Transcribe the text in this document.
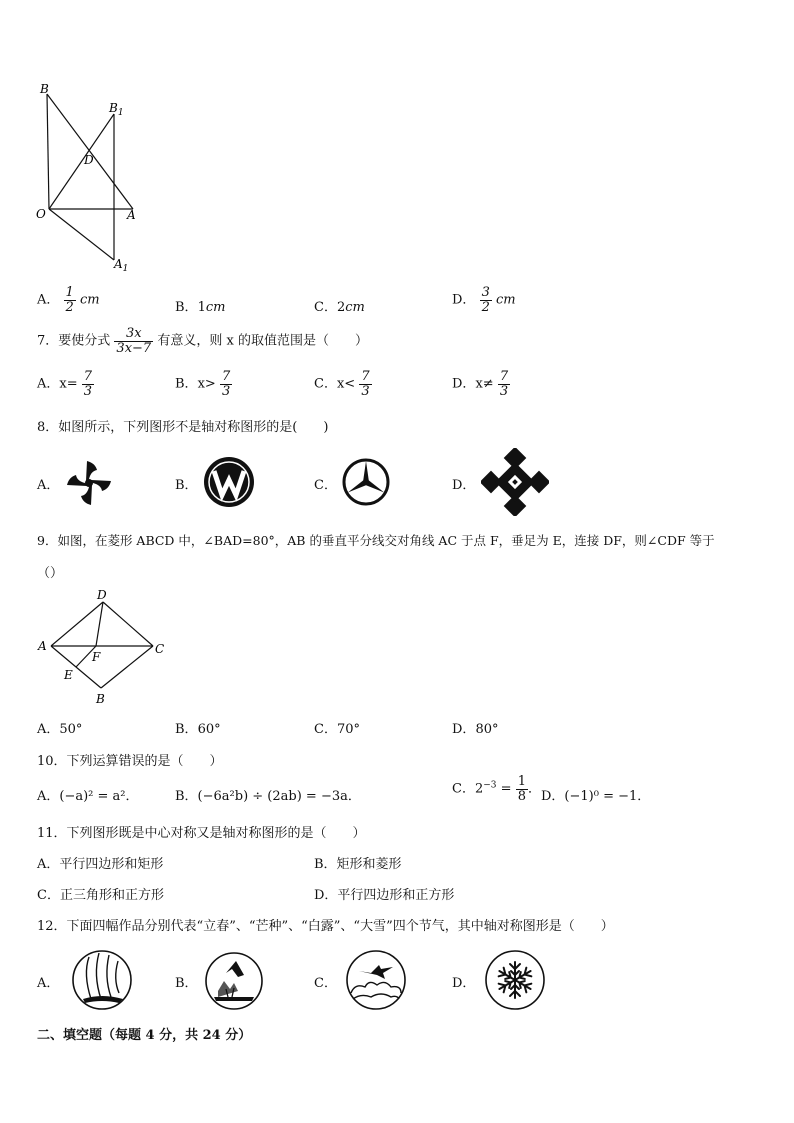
B
$B_1$
D
O	A
$A_1$
A． $\frac{1}{2}$ cm	B．1cm	C．2cm	D． $\frac{3}{2}$ cm
7．要使分式 $\frac{3x}{3x-7}$ 有意义，则 x 的取值范围是（　　）
A．$x= \frac{7}{3}$	B．$x> \frac{7}{3}$	C．$x< \frac{7}{3}$	D．$x\ne \frac{7}{3}$
8．如图所示，下列图形不是轴对称图形的是(　　)
A．	B．	C．	D．
9．如图，在菱形 ABCD 中，∠BAD=80°，AB 的垂直平分线交对角线 AC 于点 F，垂足为 E，连接 DF，则∠CDF 等于
（）
D
A	C
F
E
B
A．50°	B．60°	C．70°	D．80°
10．下列运算错误的是（　　）
A．(−a)² = a²．	B．(−6a²b) ÷ (2ab) = −3a．	C．$2^{-3} = \frac{1}{8}$ ． D．(−1)⁰ = −1．
11．下列图形既是中心对称又是轴对称图形的是（　　）
A．平行四边形和矩形	B．矩形和菱形
C．正三角形和正方形	D．平行四边形和正方形
12．下面四幅作品分别代表“立春”、“芒种”、“白露”、“大雪”四个节气，其中轴对称图形是（　　）
A．	B．	C．	D．
二、填空题（每题 4 分，共 24 分）
